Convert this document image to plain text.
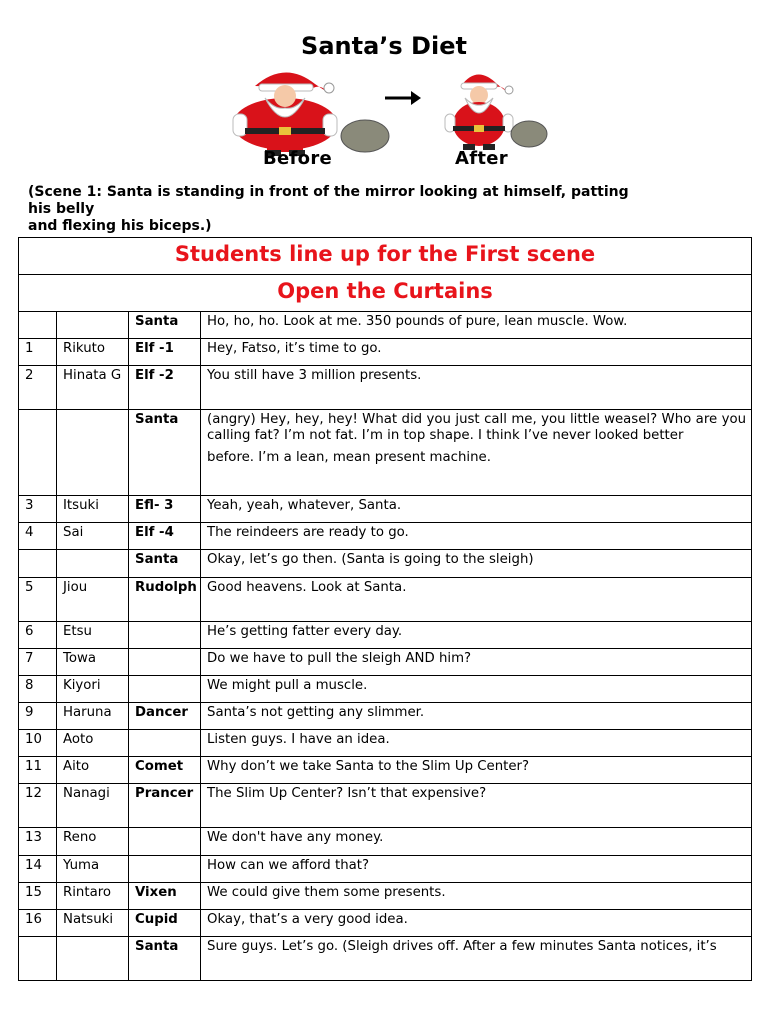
Santa’s Diet
Before	After
(Scene 1: Santa is standing in front of the mirror looking at himself, patting
his belly
and flexing his biceps.)
Students line up for the First scene			
Open the Curtains			

		Santa	Ho, ho, ho. Look at me. 350 pounds of pure, lean muscle. Wow.

1	Rikuto	Elf -1	Hey, Fatso, it’s time to go.

2	Hinata G	Elf -2	You still have 3 million presents.

		Santa	(angry) Hey, hey, hey! What did you just call me, you little weasel? Who are you calling fat? I’m not fat. I’m in top shape. I think I’ve never looked better
before. I’m a lean, mean present machine.

3	Itsuki	Efl- 3	Yeah, yeah, whatever, Santa.

4	Sai	Elf -4	The reindeers are ready to go.

		Santa	Okay, let’s go then. (Santa is going to the sleigh)

5	Jiou	Rudolph	Good heavens. Look at Santa.

6	Etsu		He’s getting fatter every day.

7	Towa		Do we have to pull the sleigh AND him?

8	Kiyori		We might pull a muscle.

9	Haruna	Dancer	Santa’s not getting any slimmer.

10	Aoto		Listen guys. I have an idea.

11	Aito	Comet	Why don’t we take Santa to the Slim Up Center?

12	Nanagi	Prancer	The Slim Up Center? Isn’t that expensive?

13	Reno		We don't have any money.

14	Yuma		How can we afford that?

15	Rintaro	Vixen	We could give them some presents.

16	Natsuki	Cupid	Okay, that’s a very good idea.

		Santa	Sure guys. Let’s go. (Sleigh drives off. After a few minutes Santa notices, it’s
